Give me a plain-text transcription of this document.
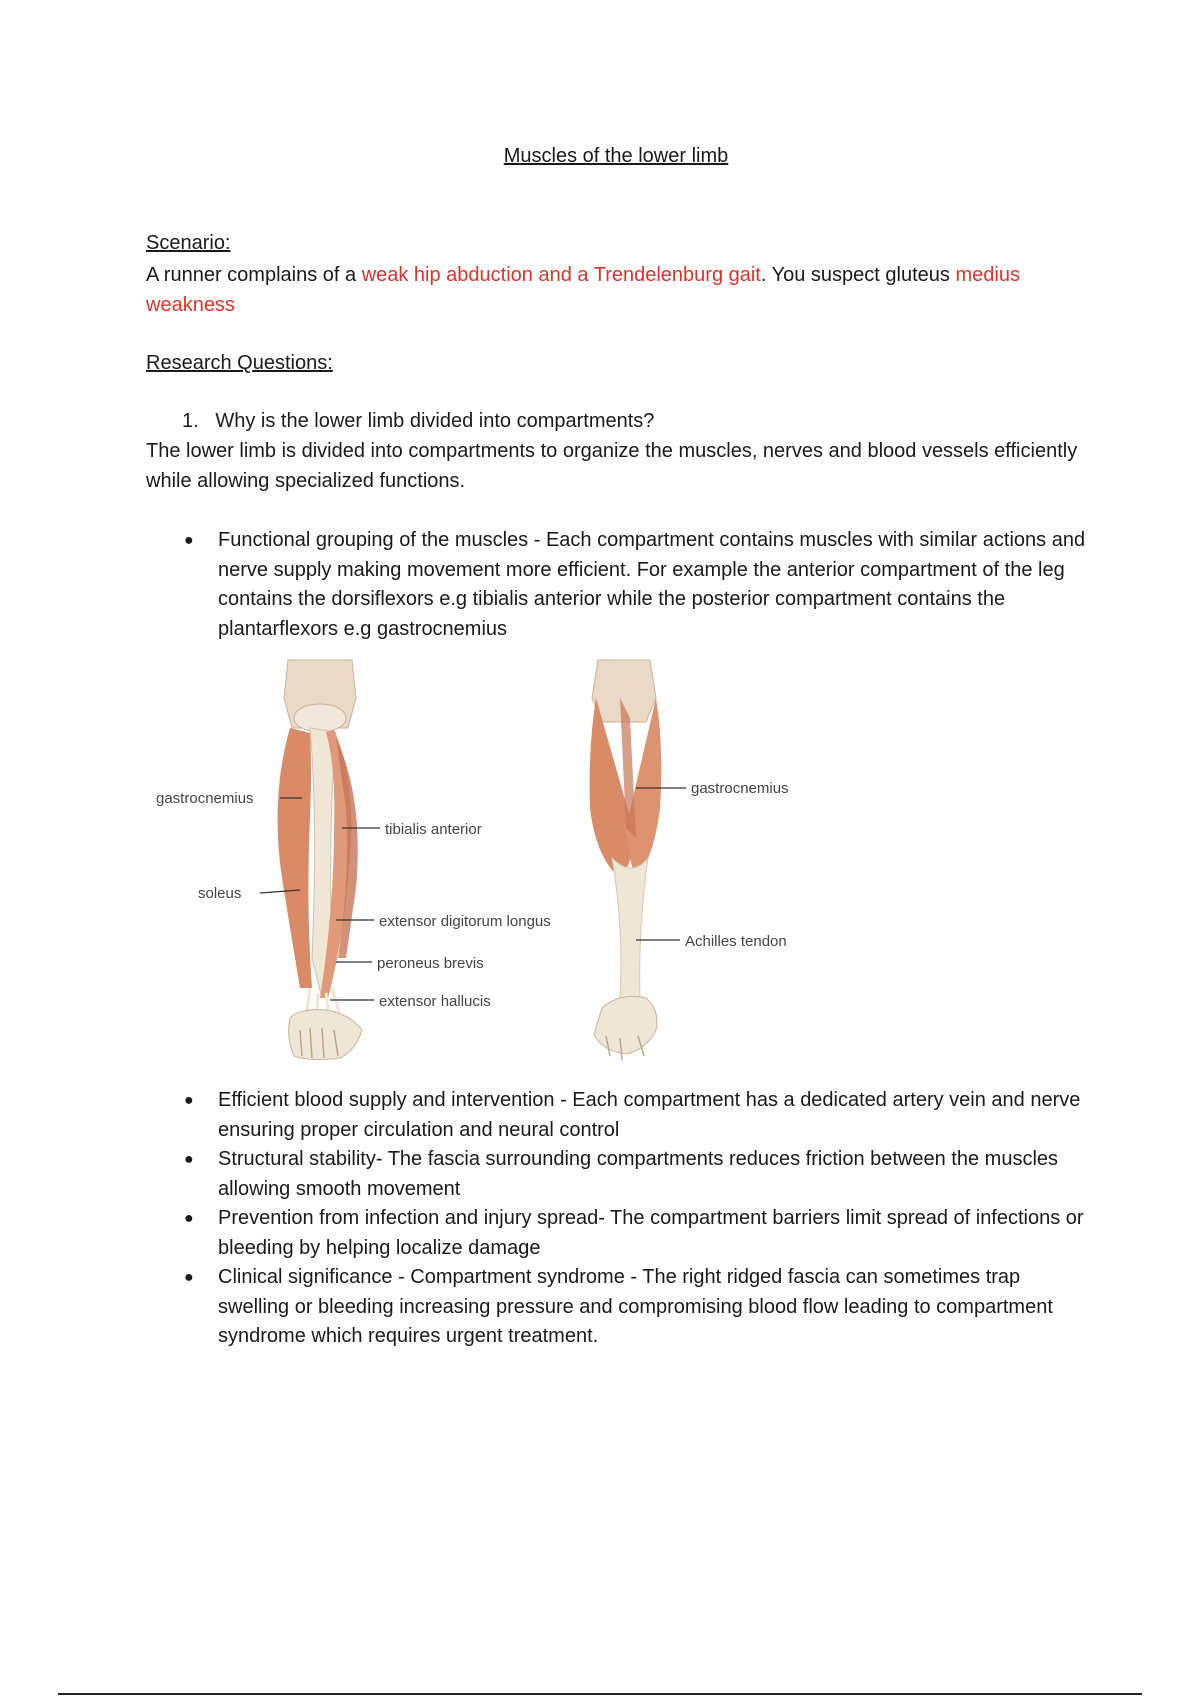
Muscles of the lower limb
Scenario:
A runner complains of a weak hip abduction and a Trendelenburg gait. You suspect gluteus medius weakness
Research Questions:
1. Why is the lower limb divided into compartments?
The lower limb is divided into compartments to organize the muscles, nerves and blood vessels efficiently while allowing specialized functions.

● Functional grouping of the muscles - Each compartment contains muscles with similar actions and nerve supply making movement more efficient. For example the anterior compartment of the leg contains the dorsiflexors e.g tibialis anterior while the posterior compartment contains the plantarflexors e.g gastrocnemius

gastrocnemius
soleus
tibialis anterior
extensor digitorum longus
peroneus brevis
extensor hallucis
gastrocnemius
Achilles tendon

● Efficient blood supply and intervention - Each compartment has a dedicated artery vein and nerve ensuring proper circulation and neural control

● Structural stability- The fascia surrounding compartments reduces friction between the muscles allowing smooth movement

● Prevention from infection and injury spread- The compartment barriers limit spread of infections or bleeding by helping localize damage

● Clinical significance - Compartment syndrome - The right ridged fascia can sometimes trap swelling or bleeding increasing pressure and compromising blood flow leading to compartment syndrome which requires urgent treatment.
